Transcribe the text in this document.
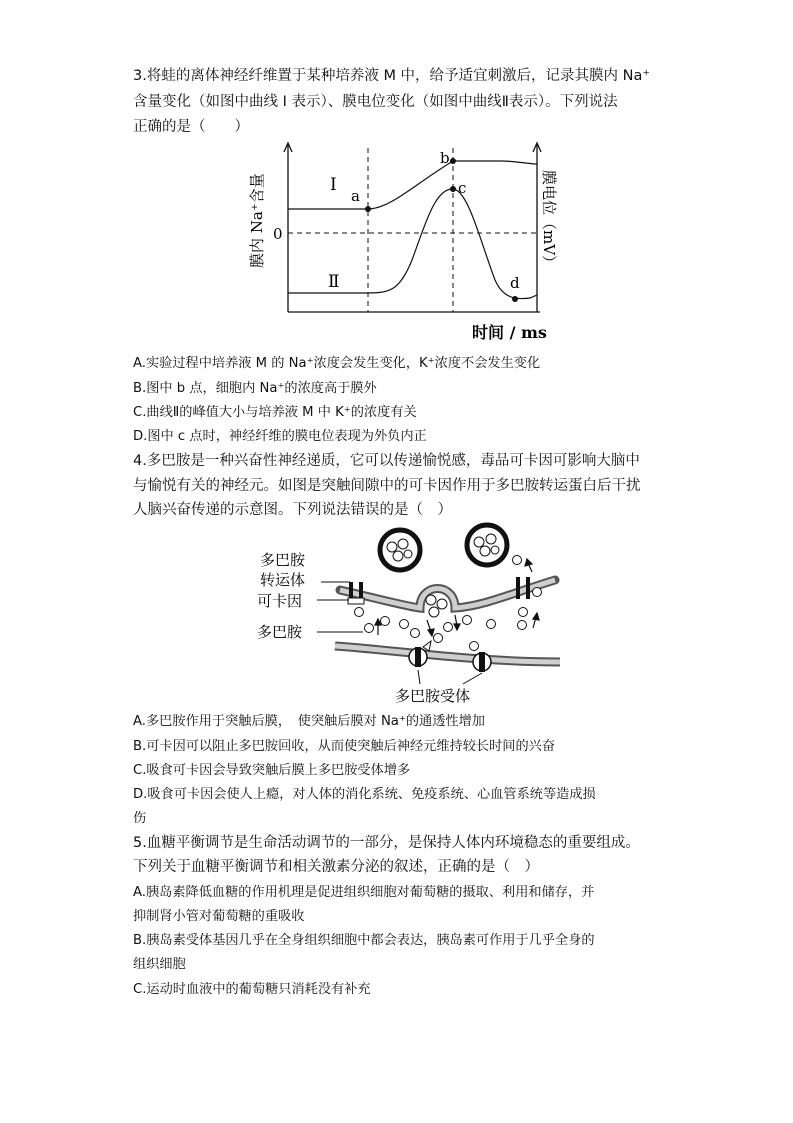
3.将蛙的离体神经纤维置于某种培养液 M 中，给予适宜刺激后，记录其膜内 Na⁺
含量变化（如图中曲线 I 表示）、膜电位变化（如图中曲线Ⅱ表示）。下列说法
正确的是（　　）
a
b
c
d
I
Ⅱ
0
时间 / ms
膜内 Na⁺含量	膜电位（mV）
A.实验过程中培养液 M 的 Na⁺浓度会发生变化，K⁺浓度不会发生变化
B.图中 b 点，细胞内 Na⁺的浓度高于膜外
C.曲线Ⅱ的峰值大小与培养液 M 中 K⁺的浓度有关
D.图中 c 点时，神经纤维的膜电位表现为外负内正
4.多巴胺是一种兴奋性神经递质，它可以传递愉悦感，毒品可卡因可影响大脑中
与愉悦有关的神经元。如图是突触间隙中的可卡因作用于多巴胺转运蛋白后干扰
人脑兴奋传递的示意图。下列说法错误的是（　）
多巴胺
转运体
可卡因
多巴胺
多巴胺受体
A.多巴胺作用于突触后膜，　使突触后膜对 Na⁺的通透性增加
B.可卡因可以阻止多巴胺回收，从而使突触后神经元维持较长时间的兴奋
C.吸食可卡因会导致突触后膜上多巴胺受体增多
D.吸食可卡因会使人上瘾，对人体的消化系统、免疫系统、心血管系统等造成损
伤
5.血糖平衡调节是生命活动调节的一部分，是保持人体内环境稳态的重要组成。
下列关于血糖平衡调节和相关激素分泌的叙述，正确的是（　）
A.胰岛素降低血糖的作用机理是促进组织细胞对葡萄糖的摄取、利用和储存，并
抑制肾小管对葡萄糖的重吸收
B.胰岛素受体基因几乎在全身组织细胞中都会表达，胰岛素可作用于几乎全身的
组织细胞
C.运动时血液中的葡萄糖只消耗没有补充
